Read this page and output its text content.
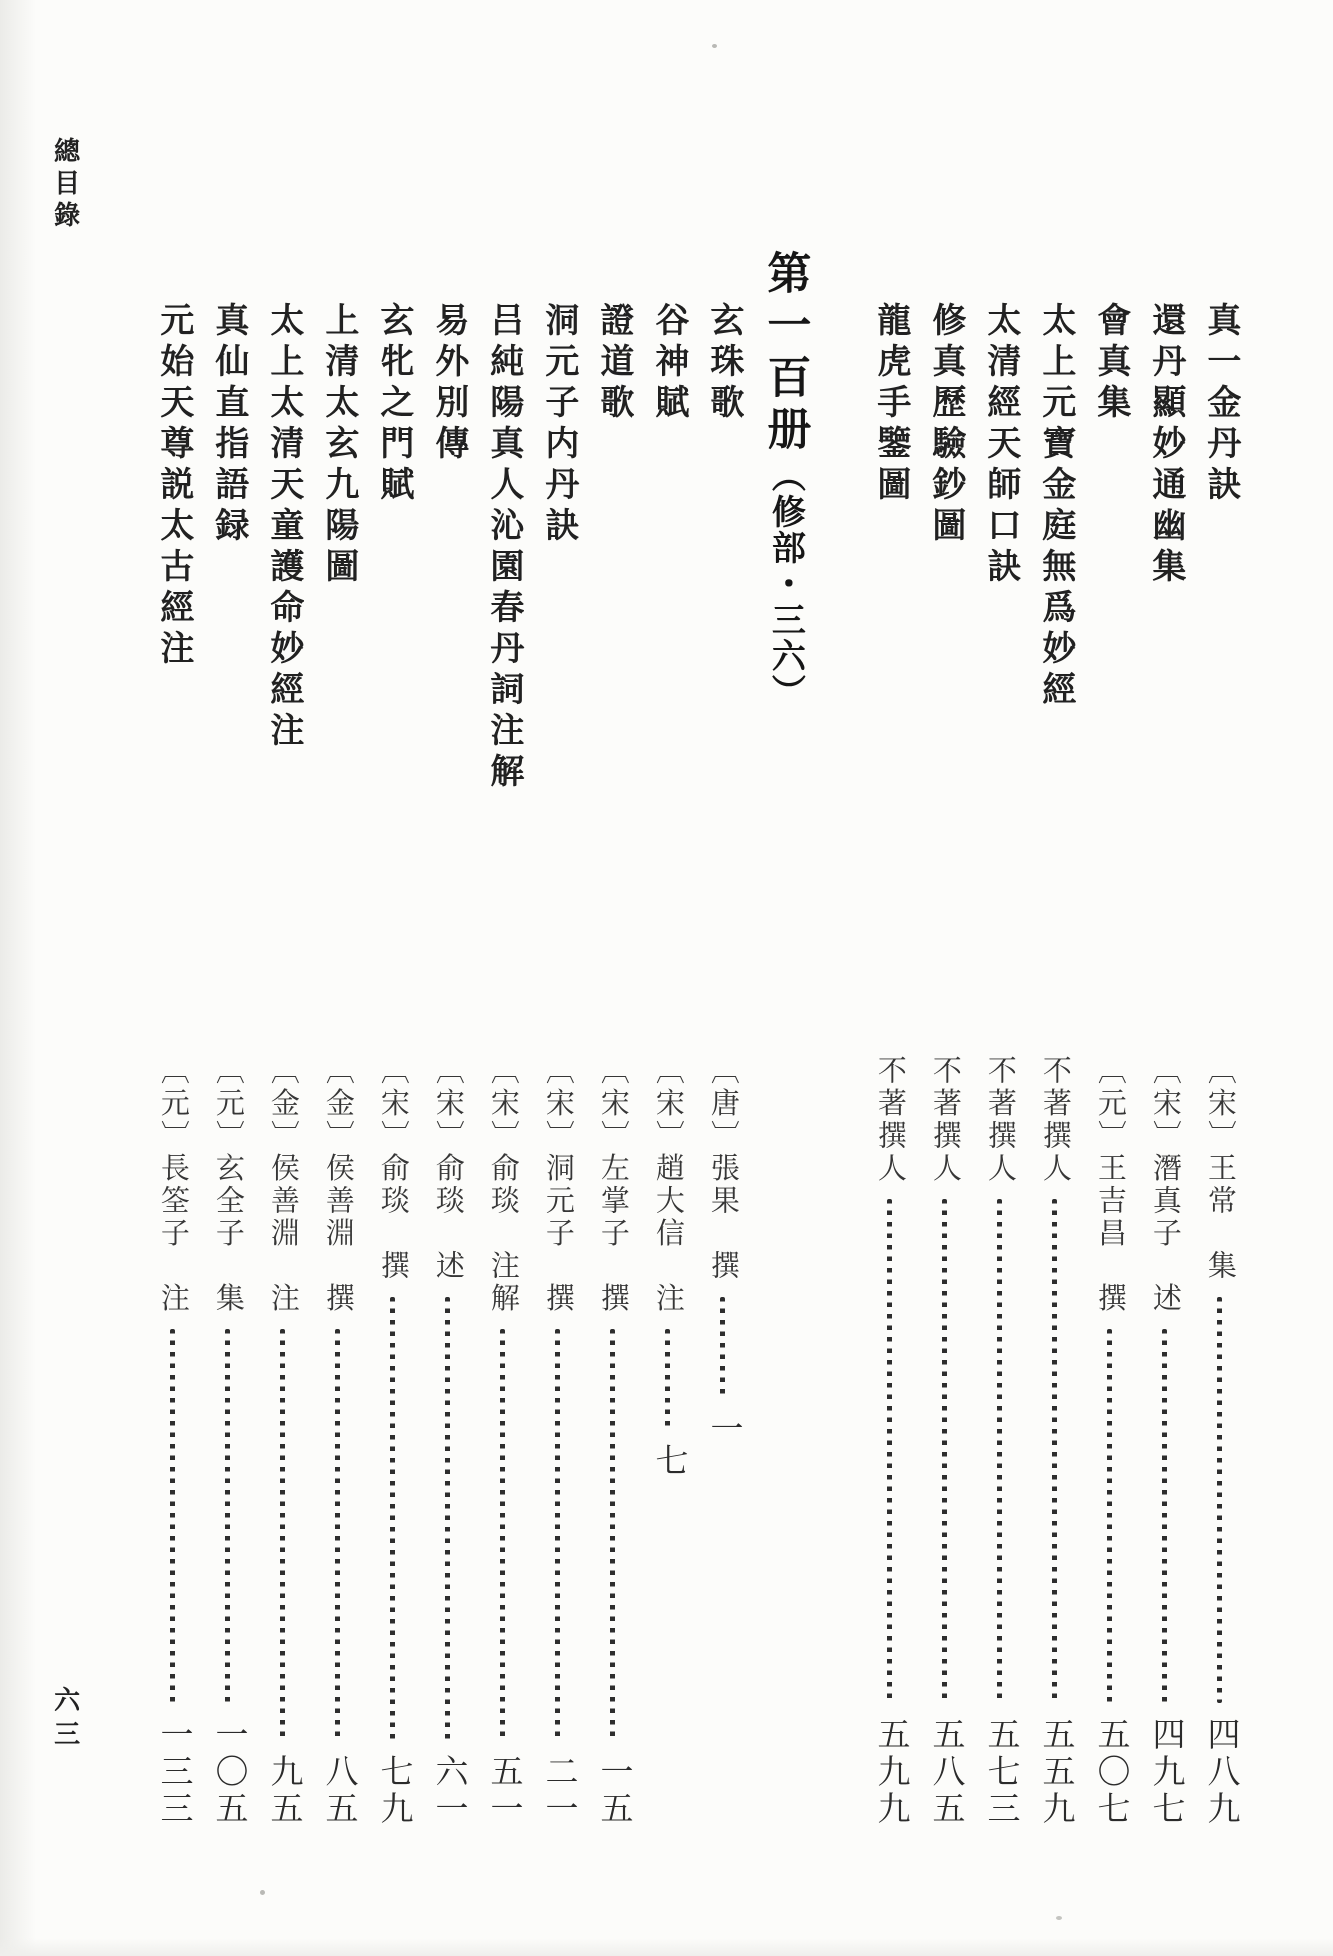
總目錄
真一金丹訣
〔宋〕王常　集
四八九
還丹顯妙通幽集
〔宋〕潛真子　述
四九七
會真集
〔元〕王吉昌　撰
五〇七
太上元寶金庭無爲妙經
不著撰人
五五九
太清經天師口訣
不著撰人
五七三
修真歷驗鈔圖
不著撰人
五八五
龍虎手鑒圖
不著撰人
五九九
第一百册（修部・三六）
玄珠歌
〔唐〕張果　撰
一
谷神賦
〔宋〕趙大信　注
七
證道歌
〔宋〕左掌子　撰
一五
洞元子内丹訣
〔宋〕洞元子　撰
二一
吕純陽真人沁園春丹詞注解
〔宋〕俞琰　注解
五一
易外別傳
〔宋〕俞琰　述
六一
玄牝之門賦
〔宋〕俞琰　撰
七九
上清太玄九陽圖
〔金〕侯善淵　撰
八五
太上太清天童護命妙經注
〔金〕侯善淵　注
九五
真仙直指語録
〔元〕玄全子　集
一〇五
元始天尊説太古經注
〔元〕長筌子　注
一三三
六三
